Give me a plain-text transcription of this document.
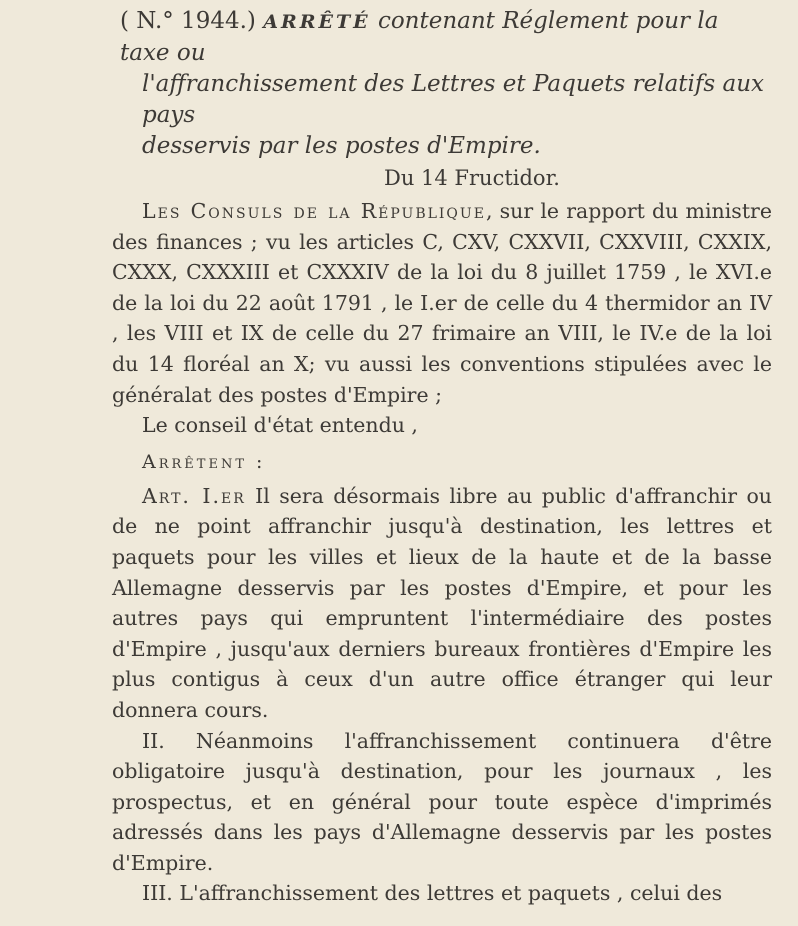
( N.° 1944.) ARRÊTÉ contenant Réglement pour la taxe ou
l'affranchissement des Lettres et Paquets relatifs aux pays
desservis par les postes d'Empire.
Du 14 Fructidor.

Les Consuls de la République, sur le rapport du ministre des finances ; vu les articles C, CXV, CXXVII, CXXVIII, CXXIX, CXXX, CXXXIII et CXXXIV de la loi du 8 juillet 1759 , le XVI.e de la loi du 22 août 1791 , le I.er de celle du 4 thermidor an IV , les VIII et IX de celle du 27 frimaire an VIII, le IV.e de la loi du 14 floréal an X; vu aussi les conventions stipulées avec le généralat des postes d'Empire ;

Le conseil d'état entendu ,

Arrêtent :

Art. I.er Il sera désormais libre au public d'affranchir ou de ne point affranchir jusqu'à destination, les lettres et paquets pour les villes et lieux de la haute et de la basse Allemagne desservis par les postes d'Empire, et pour les autres pays qui empruntent l'intermédiaire des postes d'Empire , jusqu'aux derniers bureaux frontières d'Empire les plus contigus à ceux d'un autre office étranger qui leur donnera cours.

II. Néanmoins l'affranchissement continuera d'être obligatoire jusqu'à destination, pour les journaux , les prospectus, et en général pour toute espèce d'imprimés adressés dans les pays d'Allemagne desservis par les postes d'Empire.

III. L'affranchissement des lettres et paquets , celui des
